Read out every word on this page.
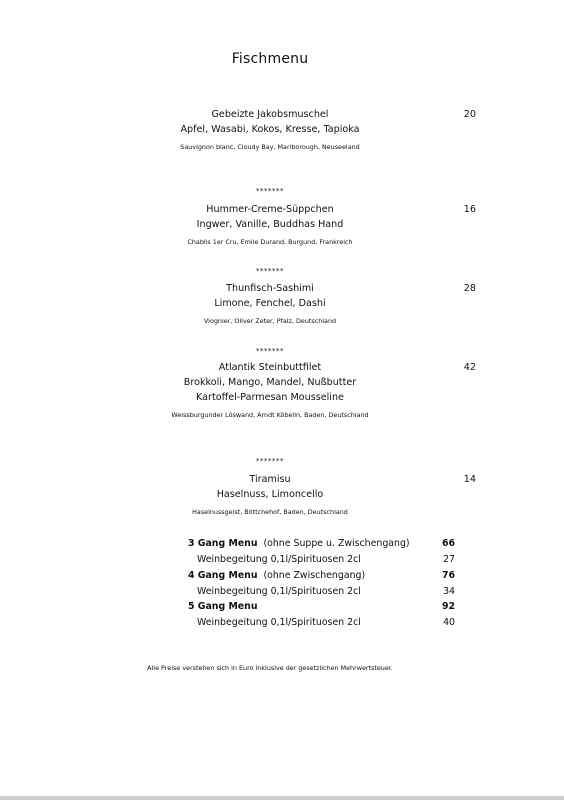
Fischmenu
Gebeizte Jakobsmuschel
Apfel, Wasabi, Kokos, Kresse, Tapioka
Sauvignon blanc, Cloudy Bay, Marlborough, Neuseeland
20
*******
Hummer-Creme-Süppchen
Ingwer, Vanille, Buddhas Hand
Chablis 1er Cru, Emile Durand, Burgund, Frankreich
16
*******
Thunfisch-Sashimi
Limone, Fenchel, Dashi
Viognier, Oliver Zeter, Pfalz, Deutschland
28
*******
Atlantik Steinbuttfilet
Brokkoli, Mango, Mandel, Nußbutter
Kartoffel-Parmesan Mousseline
Weissburgunder Löswand, Arndt Köbelin, Baden, Deutschland
42
*******
Tiramisu
Haselnuss, Limoncello
Haselnussgeist, Böttchehof, Baden, Deutschland
14
3 Gang Menu (ohne Suppe u. Zwischengang)	66
Weinbegeitung 0,1l/Spirituosen 2cl	27
4 Gang Menu (ohne Zwischengang)	76
Weinbegeitung 0,1l/Spirituosen 2cl	34
5 Gang Menu	92
Weinbegeitung 0,1l/Spirituosen 2cl	40
Alle Preise verstehen sich in Euro inklusive der gesetzlichen Mehrwertsteuer.
